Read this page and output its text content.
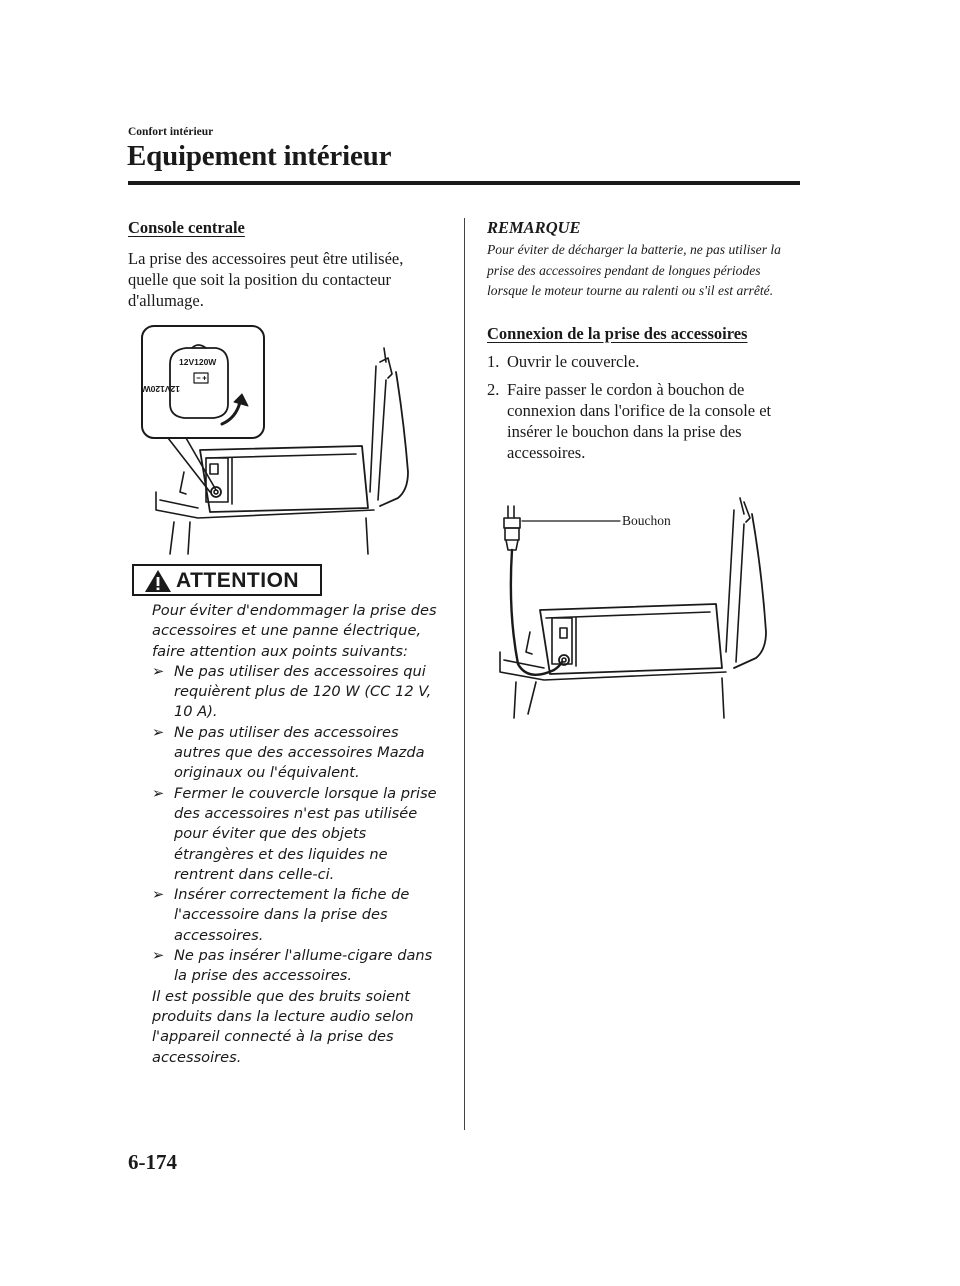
Confort intérieur
Equipement intérieur
Console centrale
La prise des accessoires peut être utilisée, quelle que soit la position du contacteur d'allumage.
12V120W
12V120W
ATTENTION
Pour éviter d'endommager la prise des accessoires et une panne électrique, faire attention aux points suivants:
➢ Ne pas utiliser des accessoires qui requièrent plus de 120 W (CC 12 V, 10 A).
➢ Ne pas utiliser des accessoires autres que des accessoires Mazda originaux ou l'équivalent.
➢ Fermer le couvercle lorsque la prise des accessoires n'est pas utilisée pour éviter que des objets étrangères et des liquides ne rentrent dans celle-ci.
➢ Insérer correctement la fiche de l'accessoire dans la prise des accessoires.
➢ Ne pas insérer l'allume-cigare dans la prise des accessoires.
Il est possible que des bruits soient produits dans la lecture audio selon l'appareil connecté à la prise des accessoires.
REMARQUE
Pour éviter de décharger la batterie, ne pas utiliser la prise des accessoires pendant de longues périodes lorsque le moteur tourne au ralenti ou s'il est arrêté.
Connexion de la prise des accessoires
1. Ouvrir le couvercle.
2. Faire passer le cordon à bouchon de connexion dans l'orifice de la console et insérer le bouchon dans la prise des accessoires.
Bouchon
6-174
